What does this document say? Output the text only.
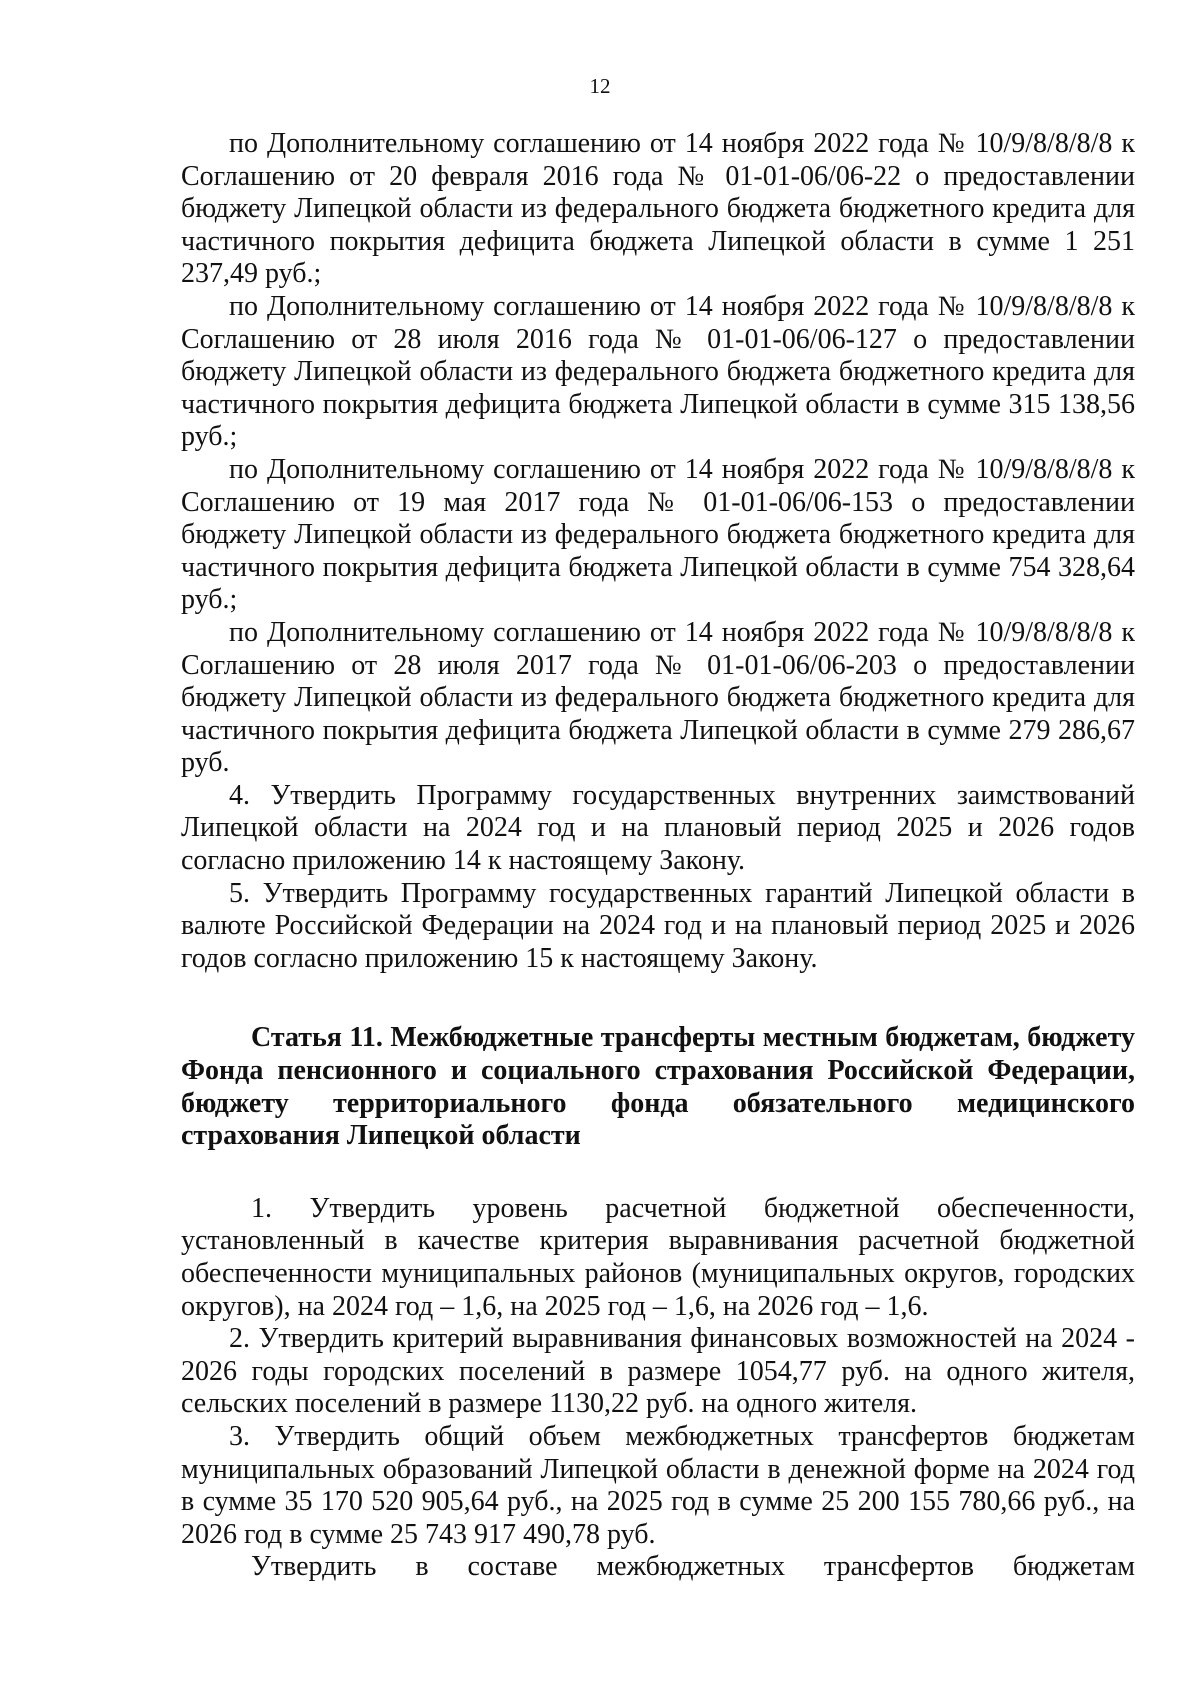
12

по Дополнительному соглашению от 14 ноября 2022 года № 10/9/8/8/8/8 к Соглашению от 20 февраля 2016 года № 01-01-06/06-22 о предоставлении бюджету Липецкой области из федерального бюджета бюджетного кредита для частичного покрытия дефицита бюджета Липецкой области в сумме 1 251 237,49 руб.;

по Дополнительному соглашению от 14 ноября 2022 года № 10/9/8/8/8/8 к Соглашению от 28 июля 2016 года № 01-01-06/06-127 о предоставлении бюджету Липецкой области из федерального бюджета бюджетного кредита для частичного покрытия дефицита бюджета Липецкой области в сумме 315 138,56 руб.;

по Дополнительному соглашению от 14 ноября 2022 года № 10/9/8/8/8/8 к Соглашению от 19 мая 2017 года № 01-01-06/06-153 о предоставлении бюджету Липецкой области из федерального бюджета бюджетного кредита для частичного покрытия дефицита бюджета Липецкой области в сумме 754 328,64 руб.;

по Дополнительному соглашению от 14 ноября 2022 года № 10/9/8/8/8/8 к Соглашению от 28 июля 2017 года № 01-01-06/06-203 о предоставлении бюджету Липецкой области из федерального бюджета бюджетного кредита для частичного покрытия дефицита бюджета Липецкой области в сумме 279 286,67 руб.

4. Утвердить Программу государственных внутренних заимствований Липецкой области на 2024 год и на плановый период 2025 и 2026 годов согласно приложению 14 к настоящему Закону.

5. Утвердить Программу государственных гарантий Липецкой области в валюте Российской Федерации на 2024 год и на плановый период 2025 и 2026 годов согласно приложению 15 к настоящему Закону.

Статья 11. Межбюджетные трансферты местным бюджетам, бюджету Фонда пенсионного и социального страхования Российской Федерации, бюджету территориального фонда обязательного медицинского страхования Липецкой области

1. Утвердить уровень расчетной бюджетной обеспеченности, установленный в качестве критерия выравнивания расчетной бюджетной обеспеченности муниципальных районов (муниципальных округов, городских округов), на 2024 год – 1,6, на 2025 год – 1,6, на 2026 год – 1,6.

2. Утвердить критерий выравнивания финансовых возможностей на 2024 - 2026 годы городских поселений в размере 1054,77 руб. на одного жителя, сельских поселений в размере 1130,22 руб. на одного жителя.

3. Утвердить общий объем межбюджетных трансфертов бюджетам муниципальных образований Липецкой области в денежной форме на 2024 год в сумме 35 170 520 905,64 руб., на 2025 год в сумме 25 200 155 780,66 руб., на 2026 год в сумме 25 743 917 490,78 руб.

Утвердить в составе межбюджетных трансфертов бюджетам
